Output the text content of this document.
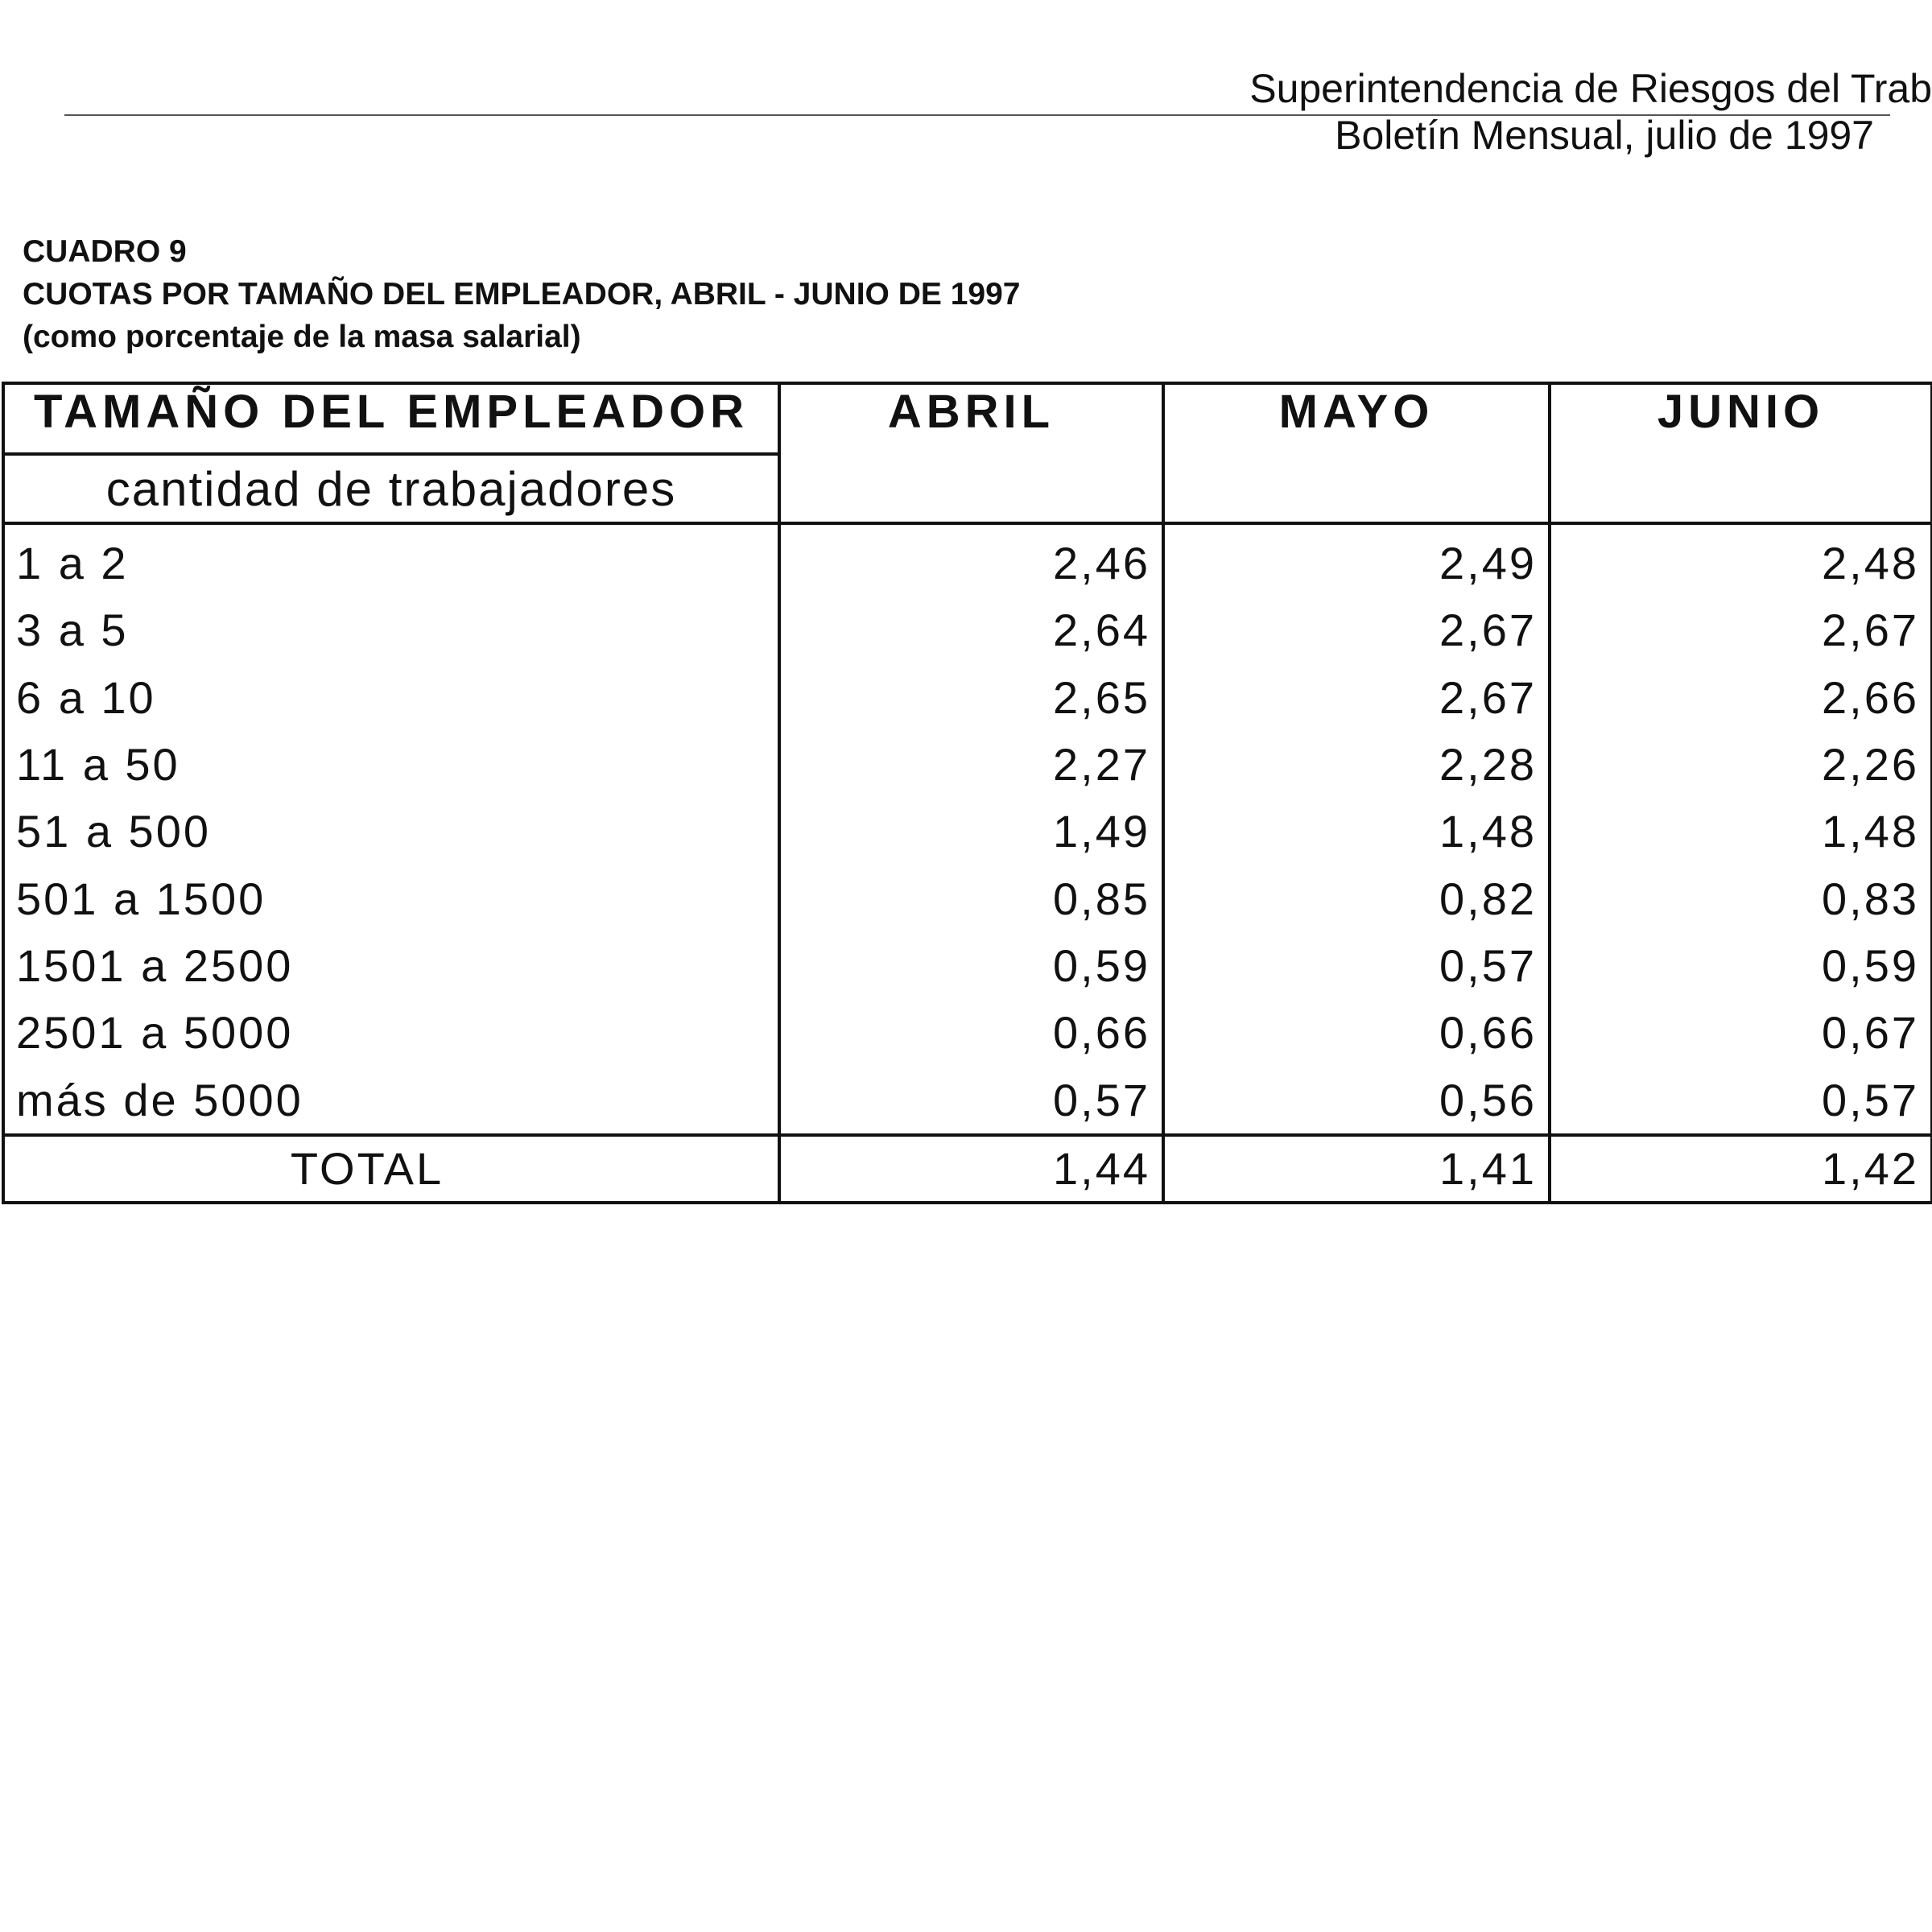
Superintendencia de Riesgos del Trab
Boletín Mensual, julio de 1997
CUADRO 9
CUOTAS POR TAMAÑO DEL EMPLEADOR, ABRIL - JUNIO DE 1997
(como porcentaje de la masa salarial)
TAMAÑO DEL EMPLEADOR	ABRIL	MAYO	JUNIO
cantidad de trabajadores			
1 a 2	2,46	2,49	2,48
3 a 5	2,64	2,67	2,67
6 a 10	2,65	2,67	2,66
11 a 50	2,27	2,28	2,26
51 a 500	1,49	1,48	1,48
501 a 1500	0,85	0,82	0,83
1501 a 2500	0,59	0,57	0,59
2501 a 5000	0,66	0,66	0,67
más de 5000	0,57	0,56	0,57
TOTAL	1,44	1,41	1,42
